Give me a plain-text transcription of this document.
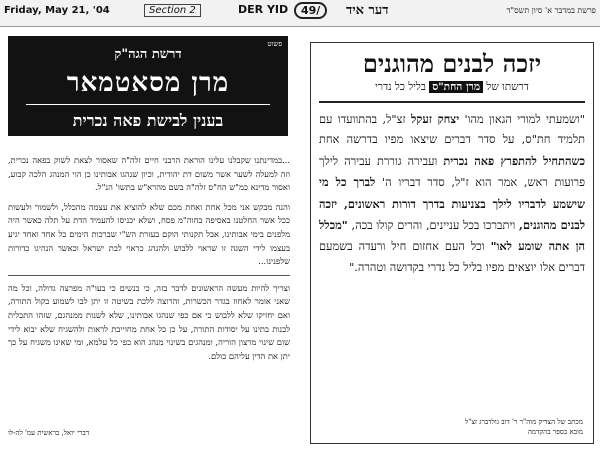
Friday, May 21, '04	Section 2	DER YID	49/	דער איד	פרשת במדבר א' סיון תשס"ד
פשוט
דרשת הגה"ק
מרן מסאטמאר
בענין לבישת פאה נכרית

...במדינתנו שקבלנו עלינו הוראת הרבני חיים זלה"ה שאסור לצאת לשוק בפאה נכרית, וזה למעלה לשער אשר משום דת יהודית, וכיון שנהגו אבותינו כן הוי המנהג הלכה קבוע, ואסור מדינא כמ"ש הח"ס זלה"ה בשם מהרא"ש בתשו' הנ"ל.

והנה מבקש אני מכל אחת ואחת מכם שלא להוציא את עצמה מהכלל, ולשמור ולעשות ככל אשר החלטנו באסיפה בחוה"מ פסח, ושלא יכניסו להעמיד הדת על תלה כאשר היה מלפנים בימי אבותינו, אבל תקנותי הוקם בעזרת הש"י שברכות הימים כל אחד ואחד יגיע בעצמו לידי השגה זו שראוי ללבוש ולהנהג כראוי לבת ישראל וכאשר הנהיגו כדורות שלפנינו...

וצריך להיות מעשה הראשונים לדבר בזה, כי בנשים כי בעו"ה מפרצה גדולה, וכל מה שאני אומר לאחוז בגדר הכשרות, והרוצה ללכת בשיטה זו יתן לבו לשמוע בקול התורה, ואם יחזיקו שלא ללבוש כי אם כפי שנהגו אבותינו, שלא לשנות ממנהגם, שזהו התכלית לבנות בתינו על יסודות התורה, על כן כל אחת מחוייבת לראות ולהשגיח שלא יבוא לידי שום שינוי מרצון הוריה, ומנהגים בשינוי מנהג הוא כפי כל עלמא, ומי שאינו משגיח על כך יתן את הדין עליהם כולם.

דברי יואל, בראשית עמ' לה-לו
יזכה לבנים מהוגנים
דרשתו של מרן החת"ס בליל כל נדרי
"ושמעתי למורי הגאון מהו' יצחק זעקל זצ"ל, בהתוועדו עם תלמיד חת"ס, על סדר דברים שיצאו מפיו בדרשה אחת כשהתחיל להתפרץ פאה נכרית ועבירה גוררת עבירה לילך פרועות ראש, אמר הוא ז"ל, סדר דבריו ה' לברך כל מי שישמע לדבריו לילך בצניעות בדרך דורות ראשונים, יזכה לבנים מהוגנים, ויתברכו בכל עניינים, והרים קולו בכה, "מכלל הן אתה שומע לאו" וכל העם אחזום חיל ורעדה בשמעם דברים אלו יוצאים מפיו בליל כל נדרי בקדושה וטהרה."
מכתב של הצדיק מוה"ר ר' דוב גולדברג זצ"ל
מובא בספר בהקדמה
